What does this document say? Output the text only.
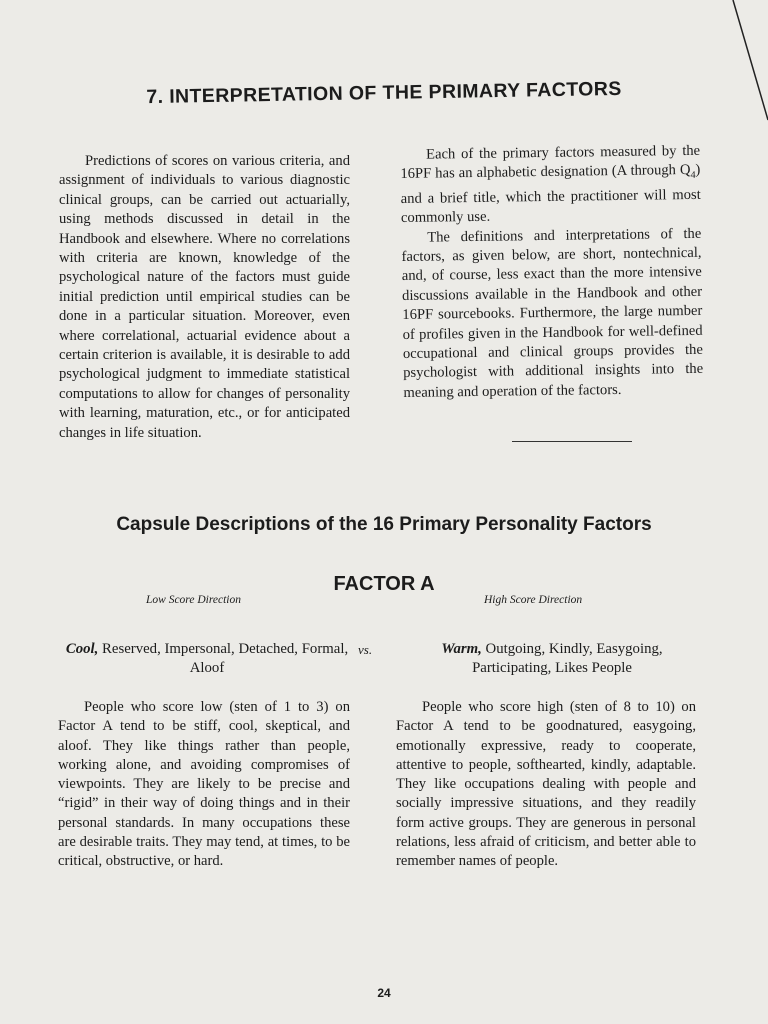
7. INTERPRETATION OF THE PRIMARY FACTORS

Predictions of scores on various criteria, and assignment of individuals to various diagnostic clinical groups, can be carried out actuarially, using methods discussed in detail in the Handbook and elsewhere. Where no correlations with criteria are known, knowledge of the psychological nature of the factors must guide initial prediction until empirical studies can be done in a particular situation. Moreover, even where correlational, actuarial evidence about a certain criterion is available, it is desirable to add psychological judgment to immediate statistical computations to allow for changes of personality with learning, maturation, etc., or for anticipated changes in life situation.

Each of the primary factors measured by the 16PF has an alphabetic designation (A through $Q_4$) and a brief title, which the practitioner will most commonly use.

The definitions and interpretations of the factors, as given below, are short, nontechnical, and, of course, less exact than the more intensive discussions available in the Handbook and other 16PF sourcebooks. Furthermore, the large number of profiles given in the Handbook for well-defined occupational and clinical groups provides the psychologist with additional insights into the meaning and operation of the factors.

Capsule Descriptions of the 16 Primary Personality Factors
FACTOR A
Low Score Direction	High Score Direction
Cool, Reserved, Impersonal, Detached, Formal, Aloof
vs.	Warm, Outgoing, Kindly, Easygoing, Participating, Likes People

People who score low (sten of 1 to 3) on Factor A tend to be stiff, cool, skeptical, and aloof. They like things rather than people, working alone, and avoiding compromises of viewpoints. They are likely to be precise and “rigid” in their way of doing things and in their personal standards. In many occupations these are desirable traits. They may tend, at times, to be critical, obstructive, or hard.

People who score high (sten of 8 to 10) on Factor A tend to be goodnatured, easygoing, emotionally expressive, ready to cooperate, attentive to people, softhearted, kindly, adaptable. They like occupations dealing with people and socially impressive situations, and they readily form active groups. They are generous in personal relations, less afraid of criticism, and better able to remember names of people.

24
